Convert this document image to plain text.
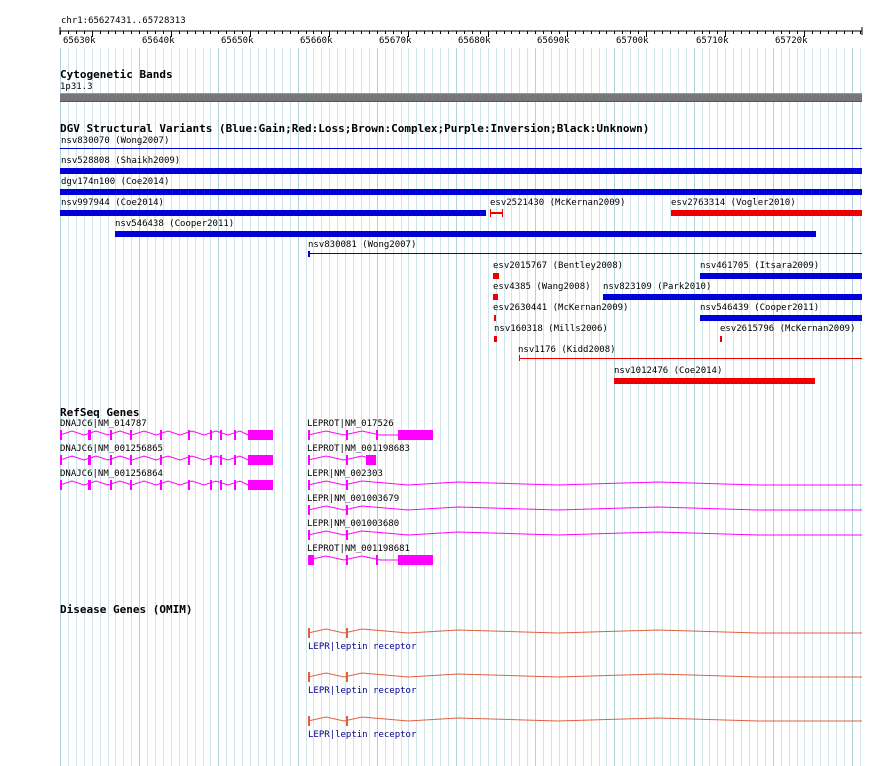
chr1:65627431..65728313
65630k	65640k	65650k	65660k	65670k	65680k	65690k	65700k	65710k	65720k
Cytogenetic Bands
1p31.3
DGV Structural Variants (Blue:Gain;Red:Loss;Brown:Complex;Purple:Inversion;Black:Unknown)
nsv830070 (Wong2007)
nsv528808 (Shaikh2009)
dgv174n100 (Coe2014)
nsv997944 (Coe2014)	esv2521430 (McKernan2009)	esv2763314 (Vogler2010)
nsv546438 (Cooper2011)
nsv830081 (Wong2007)
esv2015767 (Bentley2008)	nsv461705 (Itsara2009)
esv4385 (Wang2008) nsv823109 (Park2010)
esv2630441 (McKernan2009)	nsv546439 (Cooper2011)
nsv160318 (Mills2006)	esv2615796 (McKernan2009)
nsv1176 (Kidd2008)
nsv1012476 (Coe2014)
RefSeq Genes
DNAJC6|NM_014787
DNAJC6|NM_001256865
DNAJC6|NM_001256864
LEPROT|NM_017526
LEPROT|NM_001198683
LEPR|NM_002303
LEPR|NM_001003679
LEPR|NM_001003680
LEPROT|NM_001198681
Disease Genes (OMIM)
LEPR|leptin receptor
LEPR|leptin receptor
LEPR|leptin receptor
